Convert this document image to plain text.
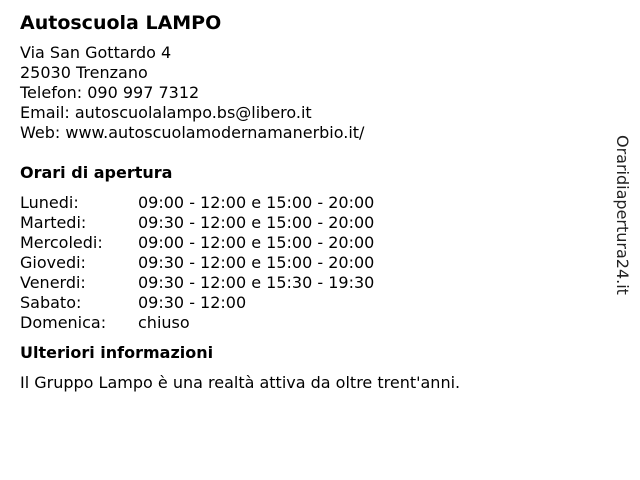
Autoscuola LAMPO
Via San Gottardo 4
25030 Trenzano
Telefon: 090 997 7312
Email: autoscuolalampo.bs@libero.it
Web: www.autoscuolamodernamanerbio.it/
Orari di apertura
Lunedi:	09:00 - 12:00 e 15:00 - 20:00
Martedi:	09:30 - 12:00 e 15:00 - 20:00
Mercoledi:	09:00 - 12:00 e 15:00 - 20:00
Giovedi:	09:30 - 12:00 e 15:00 - 20:00
Venerdi:	09:30 - 12:00 e 15:30 - 19:30
Sabato:	09:30 - 12:00
Domenica:	chiuso
Ulteriori informazioni
Il Gruppo Lampo è una realtà attiva da oltre trent'anni.
Oraridiapertura24.it
